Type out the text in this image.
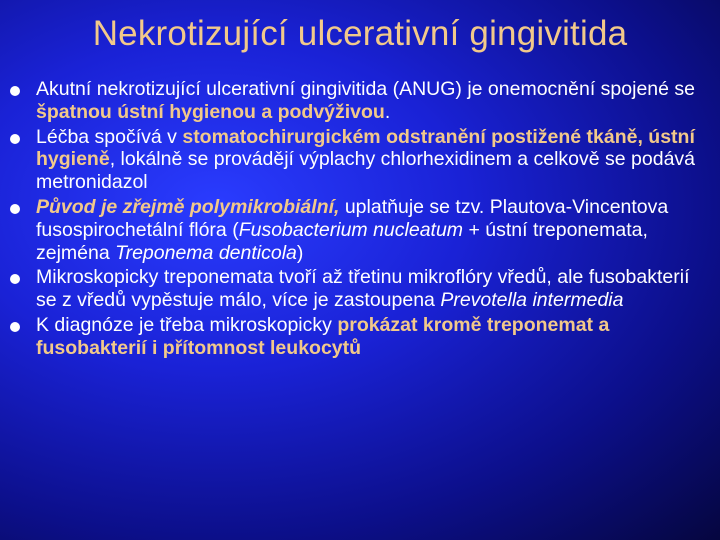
Nekrotizující ulcerativní gingivitida
Akutní nekrotizující ulcerativní gingivitida (ANUG) je onemocnění spojené se špatnou ústní hygienou a podvýživou.
Léčba spočívá v stomatochirurgickém odstranění postižené tkáně, ústní hygieně, lokálně se provádějí výplachy chlorhexidinem a celkově se podává metronidazol
Původ je zřejmě polymikrobiální, uplatňuje se tzv. Plautova-Vincentova fusospirochetální flóra (Fusobacterium nucleatum + ústní treponemata, zejména Treponema denticola)
Mikroskopicky treponemata tvoří až třetinu mikroflóry vředů, ale fusobakterií se z vředů vypěstuje málo, více je zastoupena Prevotella intermedia
K diagnóze je třeba mikroskopicky prokázat kromě treponemat a fusobakterií i přítomnost leukocytů
